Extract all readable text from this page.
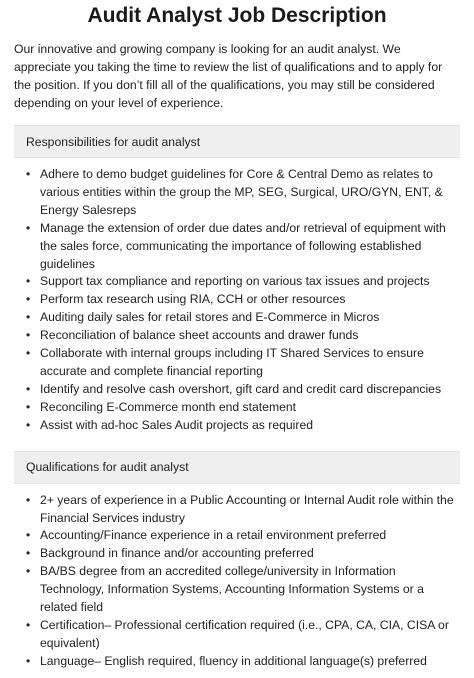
Audit Analyst Job Description

Our innovative and growing company is looking for an audit analyst. We appreciate you taking the time to review the list of qualifications and to apply for the position. If you don’t fill all of the qualifications, you may still be considered depending on your level of experience.

Responsibilities for audit analyst
• Adhere to demo budget guidelines for Core & Central Demo as relates to various entities within the group the MP, SEG, Surgical, URO/GYN, ENT, & Energy Salesreps
• Manage the extension of order due dates and/or retrieval of equipment with the sales force, communicating the importance of following established guidelines
• Support tax compliance and reporting on various tax issues and projects
• Perform tax research using RIA, CCH or other resources
• Auditing daily sales for retail stores and E-Commerce in Micros
• Reconciliation of balance sheet accounts and drawer funds
• Collaborate with internal groups including IT Shared Services to ensure accurate and complete financial reporting
• Identify and resolve cash overshort, gift card and credit card discrepancies
• Reconciling E-Commerce month end statement
• Assist with ad-hoc Sales Audit projects as required
Qualifications for audit analyst
• 2+ years of experience in a Public Accounting or Internal Audit role within the Financial Services industry
• Accounting/Finance experience in a retail environment preferred
• Background in finance and/or accounting preferred
• BA/BS degree from an accredited college/university in Information Technology, Information Systems, Accounting Information Systems or a related field
• Certification– Professional certification required (i.e., CPA, CA, CIA, CISA or equivalent)
• Language– English required, fluency in additional language(s) preferred
